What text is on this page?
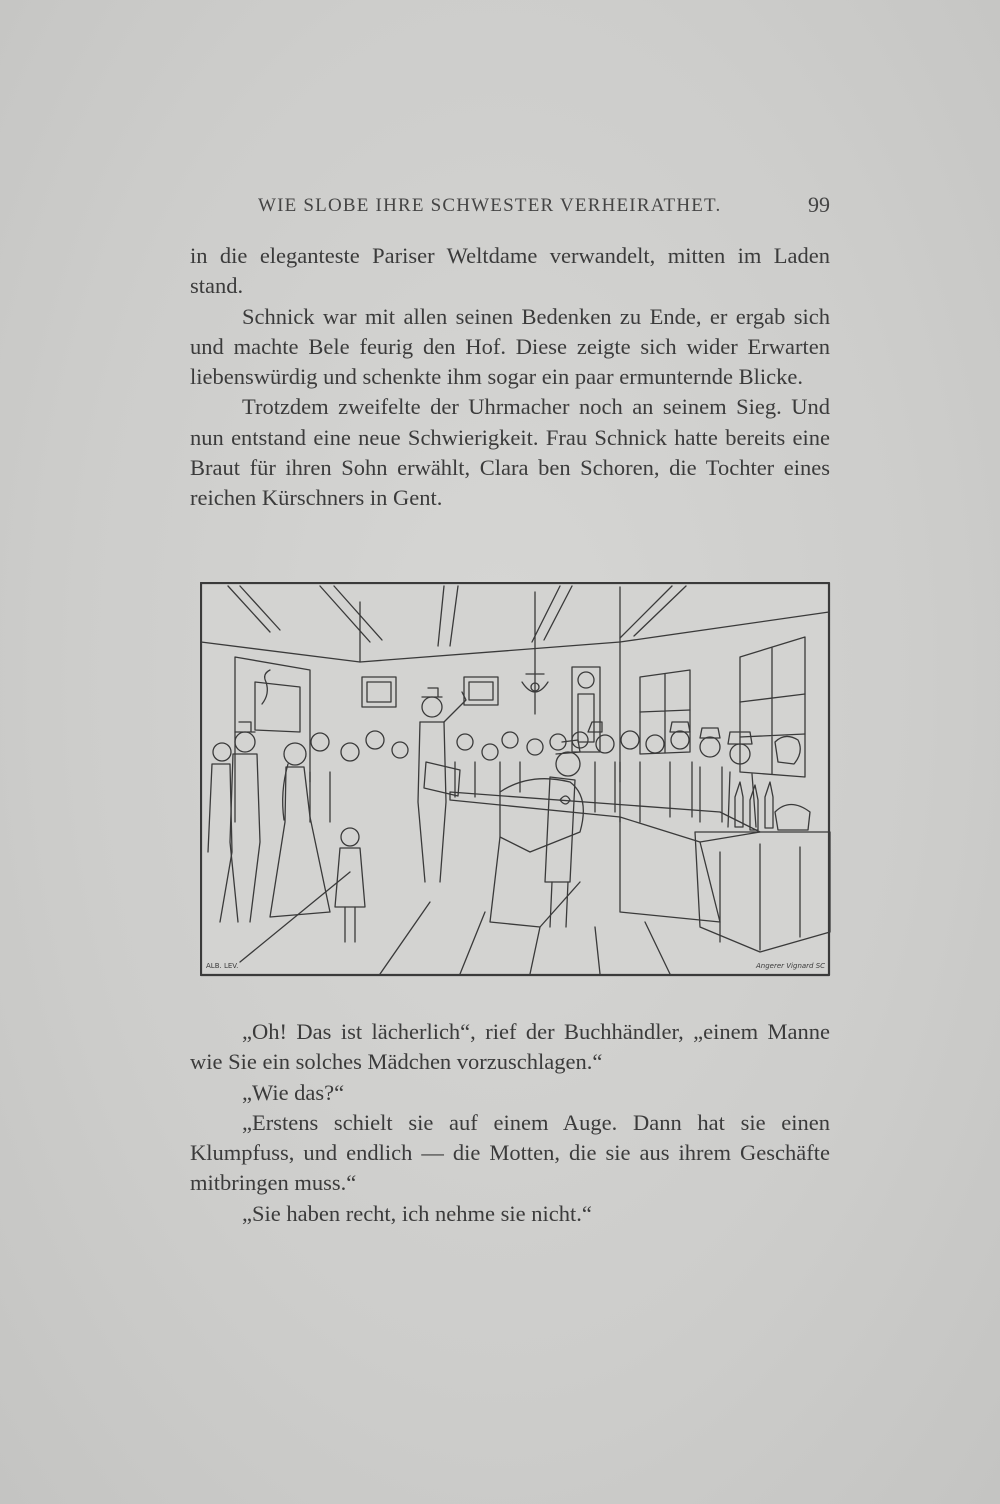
WIE SLOBE IHRE SCHWESTER VERHEIRATHET.	99

in die eleganteste Pariser Weltdame verwandelt, mitten im Laden stand.

Schnick war mit allen seinen Bedenken zu Ende, er ergab sich und machte Bele feurig den Hof. Diese zeigte sich wider Erwarten liebenswürdig und schenkte ihm sogar ein paar ermunternde Blicke.

Trotzdem zweifelte der Uhrmacher noch an seinem Sieg. Und nun entstand eine neue Schwierigkeit. Frau Schnick hatte bereits eine Braut für ihren Sohn erwählt, Clara ben Schoren, die Tochter eines reichen Kürschners in Gent.

ALB. LEV.	Angerer Vignard SC

„Oh! Das ist lächerlich“, rief der Buchhändler, „einem Manne wie Sie ein solches Mädchen vorzuschlagen.“

„Wie das?“

„Erstens schielt sie auf einem Auge. Dann hat sie einen Klumpfuss, und endlich — die Motten, die sie aus ihrem Geschäfte mitbringen muss.“

„Sie haben recht, ich nehme sie nicht.“
